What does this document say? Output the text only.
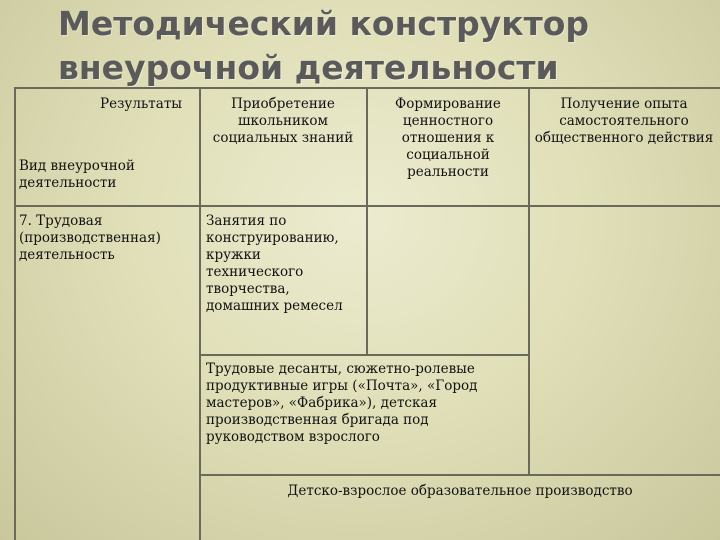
Методический конструктор
внеурочной деятельности
Результаты
Вид внеурочной деятельности
Приобретение школьником социальных знаний
Формирование ценностного отношения к социальной реальности
Получение опыта самостоятельного общественного действия
7. Трудовая (производственная) деятельность
Занятия по конструированию, кружки технического творчества, домашних ремесел
Трудовые десанты, сюжетно-ролевые продуктивные игры («Почта», «Город мастеров», «Фабрика»), детская производственная бригада под руководством взрослого
Детско-взрослое образовательное производство
